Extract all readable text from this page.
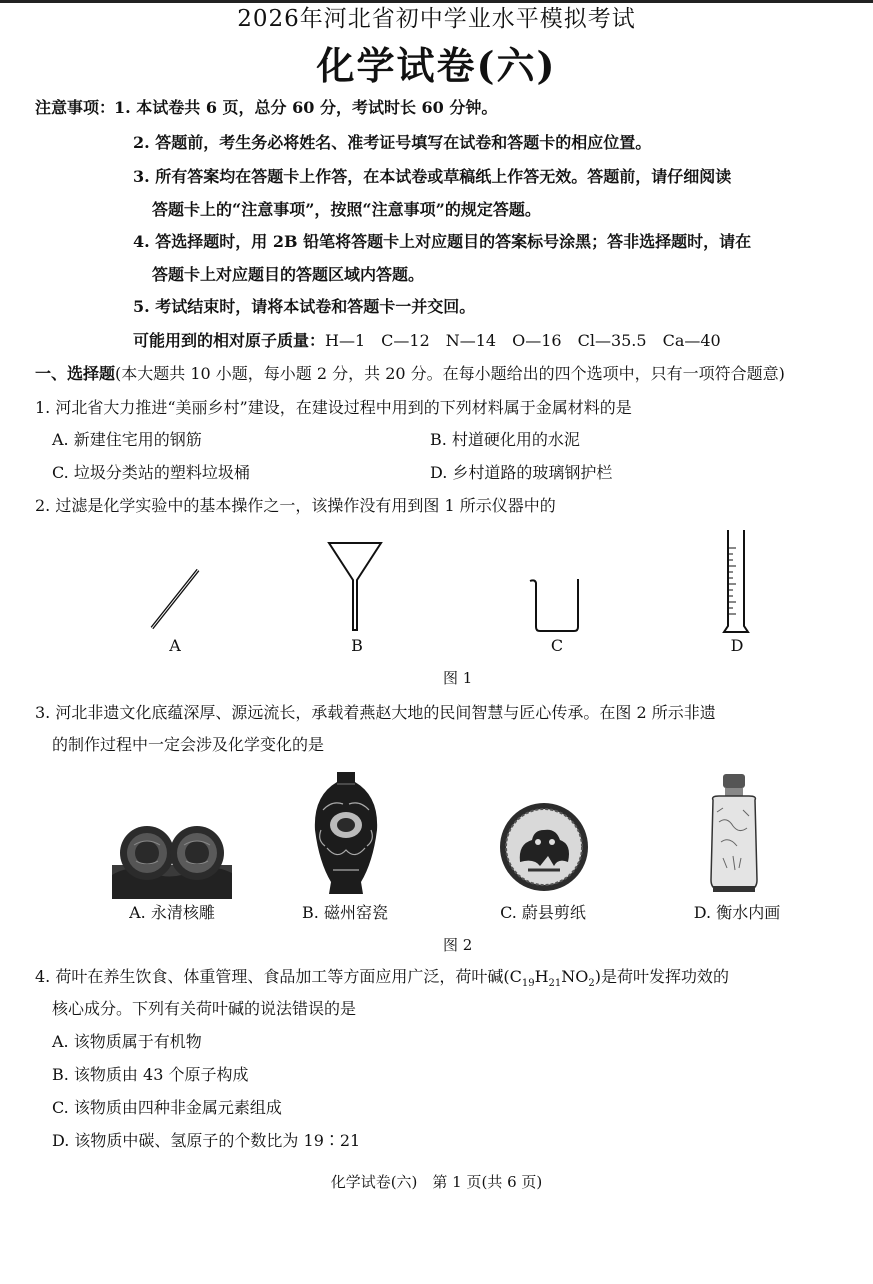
2026年河北省初中学业水平模拟考试
化学试卷(六)
注意事项：
1. 本试卷共 6 页，总分 60 分，考试时长 60 分钟。
2. 答题前，考生务必将姓名、准考证号填写在试卷和答题卡的相应位置。
3. 所有答案均在答题卡上作答，在本试卷或草稿纸上作答无效。答题前，请仔细阅读
答题卡上的“注意事项”，按照“注意事项”的规定答题。
4. 答选择题时，用 2B 铅笔将答题卡上对应题目的答案标号涂黑；答非选择题时，请在
答题卡上对应题目的答题区域内答题。
5. 考试结束时，请将本试卷和答题卡一并交回。
可能用到的相对原子质量：H—1　C—12　N—14　O—16　Cl—35.5　Ca—40
一、选择题(本大题共 10 小题，每小题 2 分，共 20 分。在每小题给出的四个选项中，只有一项符合题意)
1. 河北省大力推进“美丽乡村”建设，在建设过程中用到的下列材料属于金属材料的是
A. 新建住宅用的钢筋	B. 村道硬化用的水泥
C. 垃圾分类站的塑料垃圾桶	D. 乡村道路的玻璃钢护栏
2. 过滤是化学实验中的基本操作之一，该操作没有用到图 1 所示仪器中的
A	B	C	D
图 1
3. 河北非遗文化底蕴深厚、源远流长，承载着燕赵大地的民间智慧与匠心传承。在图 2 所示非遗
的制作过程中一定会涉及化学变化的是
A. 永清核雕	B. 磁州窑瓷	C. 蔚县剪纸	D. 衡水内画
图 2
4. 荷叶在养生饮食、体重管理、食品加工等方面应用广泛，荷叶碱$(C_{19}H_{21}NO_2)$是荷叶发挥功效的
核心成分。下列有关荷叶碱的说法错误的是
A. 该物质属于有机物
B. 该物质由 43 个原子构成
C. 该物质由四种非金属元素组成
D. 该物质中碳、氢原子的个数比为 19∶21
化学试卷(六)　第 1 页(共 6 页)
